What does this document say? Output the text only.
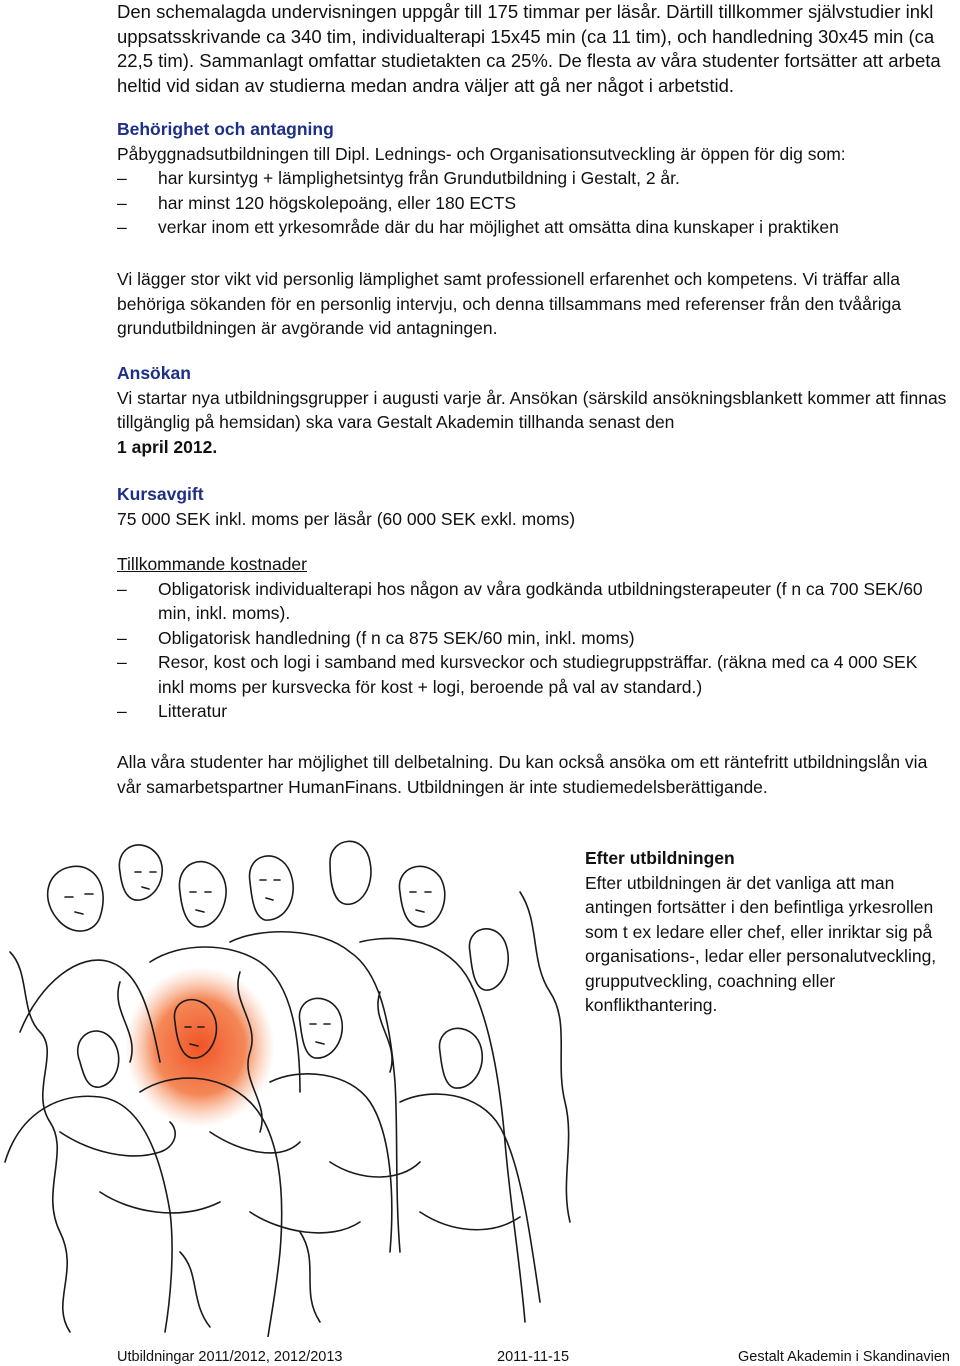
Den schemalagda undervisningen uppgår till 175 timmar per läsår. Därtill tillkommer självstudier inkl uppsatsskrivande ca 340 tim, individualterapi 15x45 min (ca 11 tim), och handledning 30x45 min (ca 22,5 tim). Sammanlagt omfattar studietakten ca 25%. De flesta av våra studenter fortsätter att arbeta heltid vid sidan av studierna medan andra väljer att gå ner något i arbetstid.

Behörighet och antagning

Påbyggnadsutbildningen till Dipl. Lednings- och Organisationsutveckling är öppen för dig som:

–	har kursintyg + lämplighetsintyg från Grundutbildning i Gestalt, 2 år.
–	har minst 120 högskolepoäng, eller 180 ECTS
–	verkar inom ett yrkesområde där du har möjlighet att omsätta dina kunskaper i praktiken

Vi lägger stor vikt vid personlig lämplighet samt professionell erfarenhet och kompetens. Vi träffar alla behöriga sökanden för en personlig intervju, och denna tillsammans med referenser från den tvååriga grundutbildningen är avgörande vid antagningen.

Ansökan

Vi startar nya utbildningsgrupper i augusti varje år. Ansökan (särskild ansökningsblankett kommer att finnas tillgänglig på hemsidan) ska vara Gestalt Akademin tillhanda senast den

1 april 2012.

Kursavgift

75 000 SEK inkl. moms per läsår (60 000 SEK exkl. moms)

Tillkommande kostnader

–	Obligatorisk individualterapi hos någon av våra godkända utbildningsterapeuter (f n ca 700 SEK/60 min, inkl. moms).
–	Obligatorisk handledning (f n ca 875 SEK/60 min, inkl. moms)
–	Resor, kost och logi i samband med kursveckor och studiegruppsträffar. (räkna med ca 4 000 SEK inkl moms per kursvecka för kost + logi, beroende på val av standard.)
–	Litteratur

Alla våra studenter har möjlighet till delbetalning. Du kan också ansöka om ett räntefritt utbildningslån via vår samarbetspartner HumanFinans. Utbildningen är inte studiemedelsberättigande.

Efter utbildningen

Efter utbildningen är det vanliga att man antingen fortsätter i den befintliga yrkesrollen som t ex ledare eller chef, eller inriktar sig på organisations-, ledar eller personalutveckling, grupputveckling, coachning eller konflikthantering.

Utbildningar 2011/2012, 2012/2013	2011-11-15	Gestalt Akademin i Skandinavien
